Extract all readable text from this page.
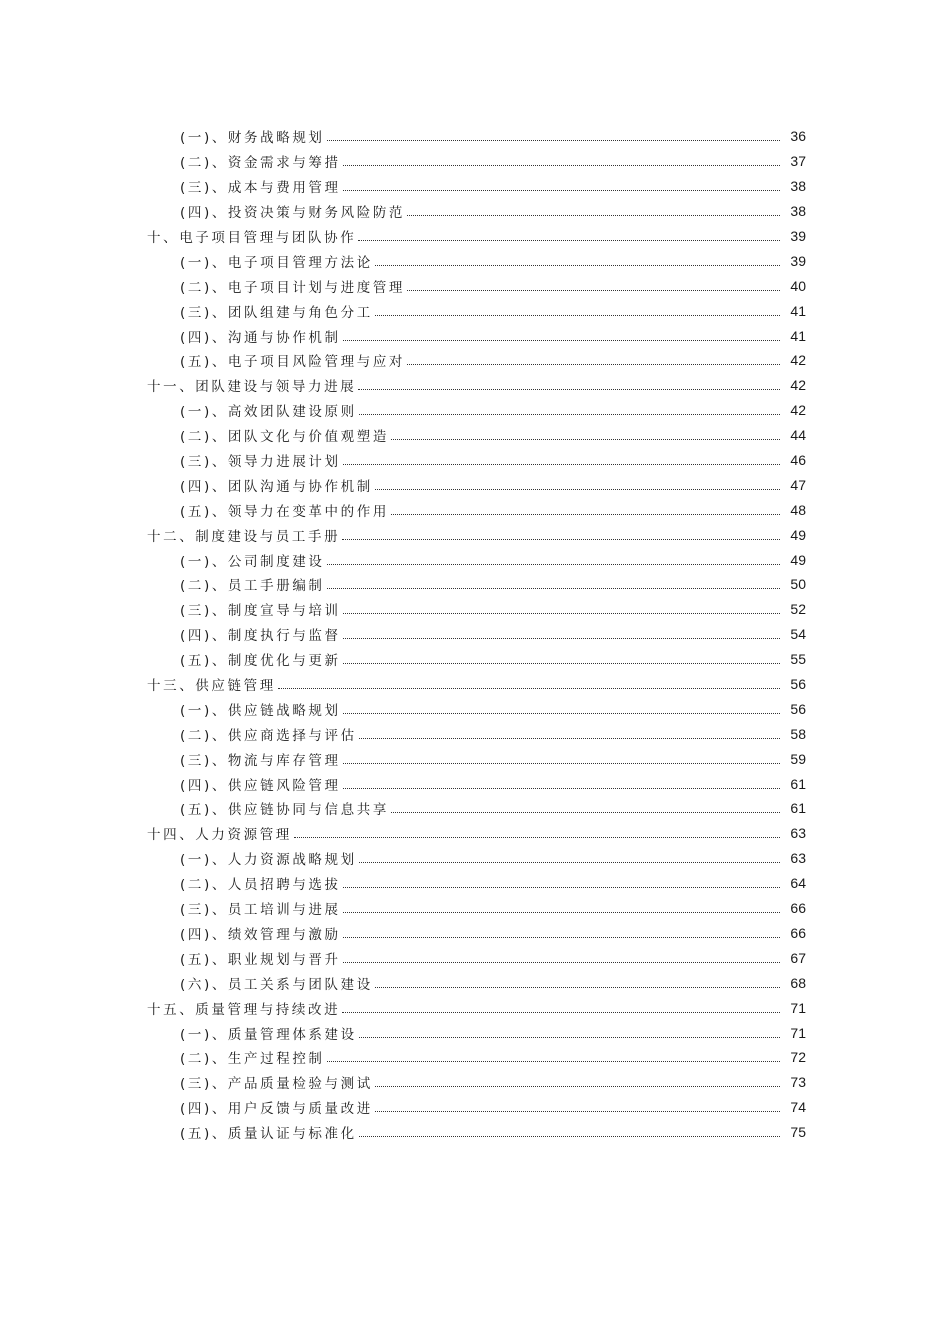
(一)、财务战略规划	36
(二)、资金需求与筹措	37
(三)、成本与费用管理	38
(四)、投资决策与财务风险防范	38
十、电子项目管理与团队协作	39
(一)、电子项目管理方法论	39
(二)、电子项目计划与进度管理	40
(三)、团队组建与角色分工	41
(四)、沟通与协作机制	41
(五)、电子项目风险管理与应对	42
十一、团队建设与领导力进展	42
(一)、高效团队建设原则	42
(二)、团队文化与价值观塑造	44
(三)、领导力进展计划	46
(四)、团队沟通与协作机制	47
(五)、领导力在变革中的作用	48
十二、制度建设与员工手册	49
(一)、公司制度建设	49
(二)、员工手册编制	50
(三)、制度宣导与培训	52
(四)、制度执行与监督	54
(五)、制度优化与更新	55
十三、供应链管理	56
(一)、供应链战略规划	56
(二)、供应商选择与评估	58
(三)、物流与库存管理	59
(四)、供应链风险管理	61
(五)、供应链协同与信息共享	61
十四、人力资源管理	63
(一)、人力资源战略规划	63
(二)、人员招聘与选拔	64
(三)、员工培训与进展	66
(四)、绩效管理与激励	66
(五)、职业规划与晋升	67
(六)、员工关系与团队建设	68
十五、质量管理与持续改进	71
(一)、质量管理体系建设	71
(二)、生产过程控制	72
(三)、产品质量检验与测试	73
(四)、用户反馈与质量改进	74
(五)、质量认证与标准化	75
